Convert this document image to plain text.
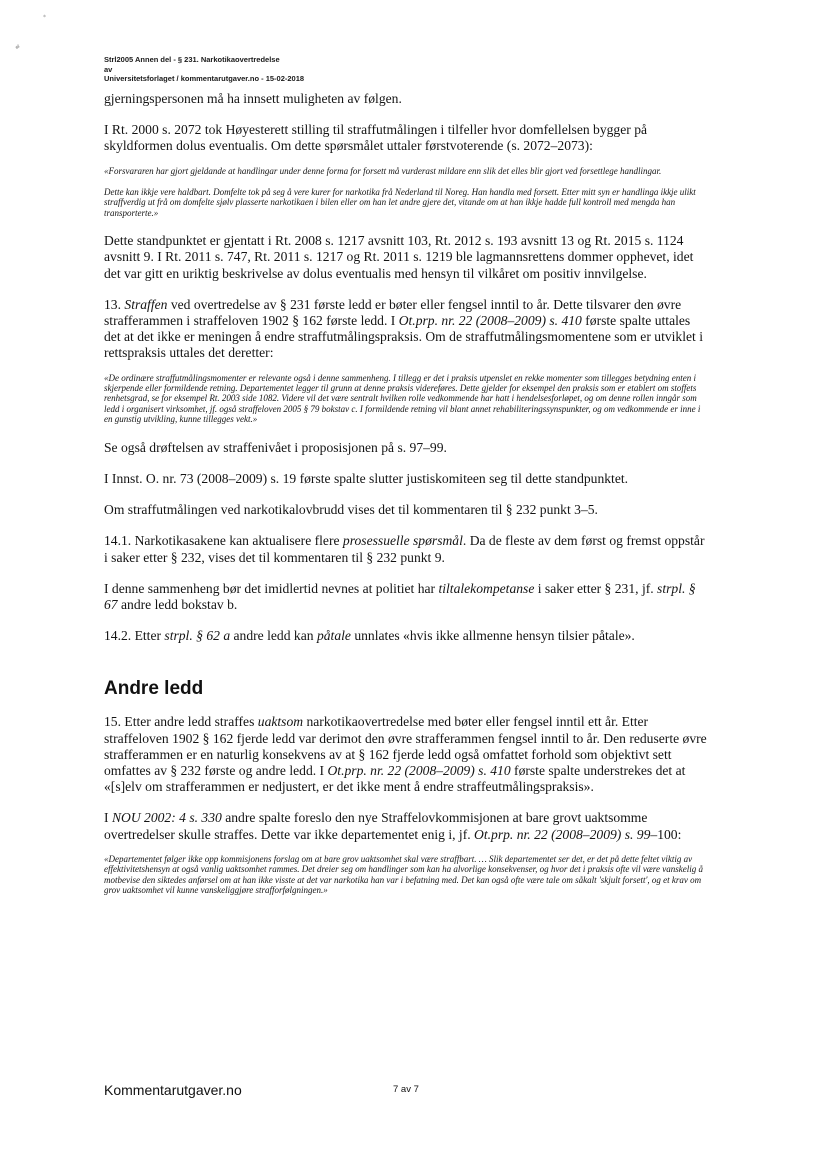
*
#
Strl2005 Annen del - § 231. Narkotikaovertredelse
av
Universitetsforlaget / kommentarutgaver.no - 15-02-2018

gjerningspersonen må ha innsett muligheten av følgen.

I Rt. 2000 s. 2072 tok Høyesterett stilling til straffutmålingen i tilfeller hvor domfellelsen bygger på skyldformen dolus eventualis. Om dette spørsmålet uttaler førstvoterende (s. 2072–2073):

«Forsvararen har gjort gjeldande at handlingar under denne forma for forsett må vurderast mildare enn slik det elles blir gjort ved forsettlege handlingar.

Dette kan ikkje vere haldbart. Domfelte tok på seg å vere kurer for narkotika frå Nederland til Noreg. Han handla med forsett. Etter mitt syn er handlinga ikkje ulikt straffverdig ut frå om domfelte sjølv plasserte narkotikaen i bilen eller om han let andre gjere det, vitande om at han ikkje hadde full kontroll med mengda han transporterte.»

Dette standpunktet er gjentatt i Rt. 2008 s. 1217 avsnitt 103, Rt. 2012 s. 193 avsnitt 13 og Rt. 2015 s. 1124 avsnitt 9. I Rt. 2011 s. 747, Rt. 2011 s. 1217 og Rt. 2011 s. 1219 ble lagmannsrettens dommer opphevet, idet det var gitt en uriktig beskrivelse av dolus eventualis med hensyn til vilkåret om positiv innvilgelse.

13. Straffen ved overtredelse av § 231 første ledd er bøter eller fengsel inntil to år. Dette tilsvarer den øvre strafferammen i straffeloven 1902 § 162 første ledd. I Ot.prp. nr. 22 (2008–2009) s. 410 første spalte uttales det at det ikke er meningen å endre straffutmålingspraksis. Om de straffutmålingsmomentene som er utviklet i rettspraksis uttales det deretter:

«De ordinære straffutmålingsmomenter er relevante også i denne sammenheng. I tillegg er det i praksis utpenslet en rekke momenter som tillegges betydning enten i skjerpende eller formildende retning. Departementet legger til grunn at denne praksis videreføres. Dette gjelder for eksempel den praksis som er etablert om stoffets renhetsgrad, se for eksempel Rt. 2003 side 1082. Videre vil det være sentralt hvilken rolle vedkommende har hatt i hendelsesforløpet, og om denne rollen inngår som ledd i organisert virksomhet, jf. også straffeloven 2005 § 79 bokstav c. I formildende retning vil blant annet rehabiliteringssynspunkter, og om vedkommende er inne i en gunstig utvikling, kunne tillegges vekt.»

Se også drøftelsen av straffenivået i proposisjonen på s. 97–99.

I Innst. O. nr. 73 (2008–2009) s. 19 første spalte slutter justiskomiteen seg til dette standpunktet.

Om straffutmålingen ved narkotikalovbrudd vises det til kommentaren til § 232 punkt 3–5.

14.1. Narkotikasakene kan aktualisere flere prosessuelle spørsmål. Da de fleste av dem først og fremst oppstår i saker etter § 232, vises det til kommentaren til § 232 punkt 9.

I denne sammenheng bør det imidlertid nevnes at politiet har tiltalekompetanse i saker etter § 231, jf. strpl. § 67 andre ledd bokstav b.

14.2. Etter strpl. § 62 a andre ledd kan påtale unnlates «hvis ikke allmenne hensyn tilsier påtale».

Andre ledd

15. Etter andre ledd straffes uaktsom narkotikaovertredelse med bøter eller fengsel inntil ett år. Etter straffeloven 1902 § 162 fjerde ledd var derimot den øvre strafferammen fengsel inntil to år. Den reduserte øvre strafferammen er en naturlig konsekvens av at § 162 fjerde ledd også omfattet forhold som objektivt sett omfattes av § 232 første og andre ledd. I Ot.prp. nr. 22 (2008–2009) s. 410 første spalte understrekes det at «[s]elv om strafferammen er nedjustert, er det ikke ment å endre straffeutmålingspraksis».

I NOU 2002: 4 s. 330 andre spalte foreslo den nye Straffelovkommisjonen at bare grovt uaktsomme overtredelser skulle straffes. Dette var ikke departementet enig i, jf. Ot.prp. nr. 22 (2008–2009) s. 99–100:

«Departementet følger ikke opp kommisjonens forslag om at bare grov uaktsomhet skal være straffbart. … Slik departementet ser det, er det på dette feltet viktig av effektivitetshensyn at også vanlig uaktsomhet rammes. Det dreier seg om handlinger som kan ha alvorlige konsekvenser, og hvor det i praksis ofte vil være vanskelig å motbevise den siktedes anførsel om at han ikke visste at det var narkotika han var i befatning med. Det kan også ofte være tale om såkalt 'skjult forsett', og et krav om grov uaktsomhet vil kunne vanskeliggjøre strafforfølgningen.»

Kommentarutgaver.no	7 av 7
